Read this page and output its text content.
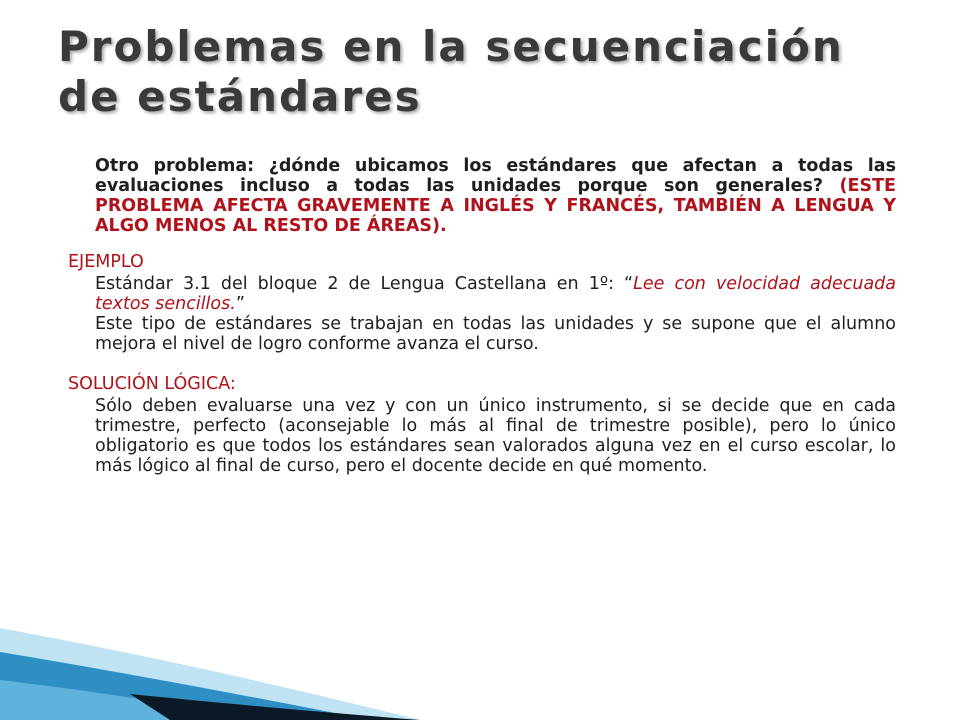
Problemas en la secuenciación de estándares

Otro problema: ¿dónde ubicamos los estándares que afectan a todas las evaluaciones incluso a todas las unidades porque son generales? (ESTE PROBLEMA AFECTA GRAVEMENTE A INGLÉS Y FRANCÉS, TAMBIÉN A LENGUA Y ALGO MENOS AL RESTO DE ÁREAS).

EJEMPLO

Estándar 3.1 del bloque 2 de Lengua Castellana en 1º: “Lee con velocidad adecuada textos sencillos.”

Este tipo de estándares se trabajan en todas las unidades y se supone que el alumno mejora el nivel de logro conforme avanza el curso.

SOLUCIÓN LÓGICA:

Sólo deben evaluarse una vez y con un único instrumento, si se decide que en cada trimestre, perfecto (aconsejable lo más al final de trimestre posible), pero lo único obligatorio es que todos los estándares sean valorados alguna vez en el curso escolar, lo más lógico al final de curso, pero el docente decide en qué momento.
